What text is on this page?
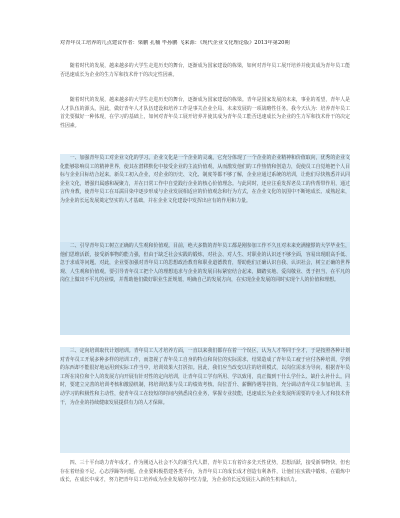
对青年员工培养的几点建议作者：梁鹏 孔楠 毕孙鹏 飞来源：《现代企业文化理论版》2013年第20期

随着时代的发展，越来越多的大学生走进历史的舞台，逐渐成为国家建设的栋梁，如何对青年员工展开培养并使其成为青年员工能否迅速成长为企业的生力军和技术骨干的决定性因素。

随着时代的发展，越来越多的大学生走进历史的舞台，逐渐成为国家建设的栋梁。青年是国家发展的未来，事业的希望，青年人是人才队伍的源头。因此，做好青年人才队伍建设和培养工作是事关企业全局、未来发展的一项战略性任务。我今天认为：培养青年员工首先要做好一种体现，在学习的基础上，如何对青年员工展开培养并使其成为青年员工能否迅速成长为企业的生力军和技术骨干的决定性因素。

一、加强青年员工对企业文化的学习。企业文化是一个企业的灵魂，它充分体现了一个企业的企业精神和价值取向，优秀的企业文化能够影响员工的精神世界，使其在潜移默化中接受企业的主流价值观，从而激发他们的工作热情和创造力，促使员工自觉地把个人目标与企业目标结合起来。新员工初入企业，对企业的历史、文化、制度等都不够了解，企业应通过系统的培训，让他们尽快熟悉并认同企业文化，增强归属感和凝聚力，并在日常工作中自觉践行企业的核心价值理念。与此同时，还应注重发挥老员工的传帮带作用，通过言传身教，使青年员工在耳濡目染中逐步形成与企业发展相适应的价值观念和行为方式，在企业文化的氛围中不断地成长、成熟起来，为企业的长远发展奠定坚实的人才基础，并在企业文化建设中发挥出应有的作用和力量。

二、引导青年员工树立正确的人生观和价值观。目前，绝大多数的青年员工都是刚参加工作不久且对未来充满憧憬的大学毕业生，他们思维活跃，接受新事物的能力强，但由于缺乏社会实践的锻炼，对社会、对人生、对职业的认识还不够全面，容易出现眼高手低、急于求成等问题。对此，企业要加强对青年员工的思想政治教育和职业道德教育，帮助他们正确认识自我、认识社会，树立正确的世界观、人生观和价值观。要引导青年员工把个人的理想追求与企业的发展目标紧密结合起来，脚踏实地、爱岗敬业、勇于担当，在平凡的岗位上做出不平凡的业绩，并帮助他们做好职业生涯规划，明确自己的发展方向，在实现企业发展的同时实现个人的价值和理想。

三、定向培训取代计划培训。青年员工人才培养方面，一直以来我们都存在着一个误区，认为人才等同于全才，于是按照各种计划对青年员工开展多种多样的培训工作，而忽视了青年员工自身的特点和岗位的实际需求，结果造成了青年员工疲于应付各种培训，学到的东西却不能很好地运用到实际工作当中，培训效果大打折扣。因此，我们应当改变以往的培训模式，以岗位需求为导向，根据青年员工所在岗位和个人的发展方向开展有针对性的定向培训，让青年员工学有所用、学以致用，真正做到干什么学什么、缺什么补什么。同时，要建立完善的培训考核和激励机制，将培训结果与员工的绩效考核、岗位晋升、薪酬待遇等挂钩，充分调动青年员工参加培训、主动学习的积极性和主动性，使青年员工在较短的时间内熟悉岗位业务，掌握专业技能，迅速成长为企业发展所需要的专业人才和技术骨干，为企业的持续健康发展提供有力的人才保障。

四、三十平台助力青年成才。作为刚迈入社会不久的新生代人群，青年员工有着许多先天性优势，思想活跃，接受新事物快，但也存在着经验不足、心态浮躁等问题。企业要积极搭建各类平台，为青年员工的成长成才创造有利条件，让他们在实践中锻炼，在锻炼中成长，在成长中成才，努力把青年员工培养成为企业发展的中坚力量，为企业的长远发展注入新的生机和活力。
